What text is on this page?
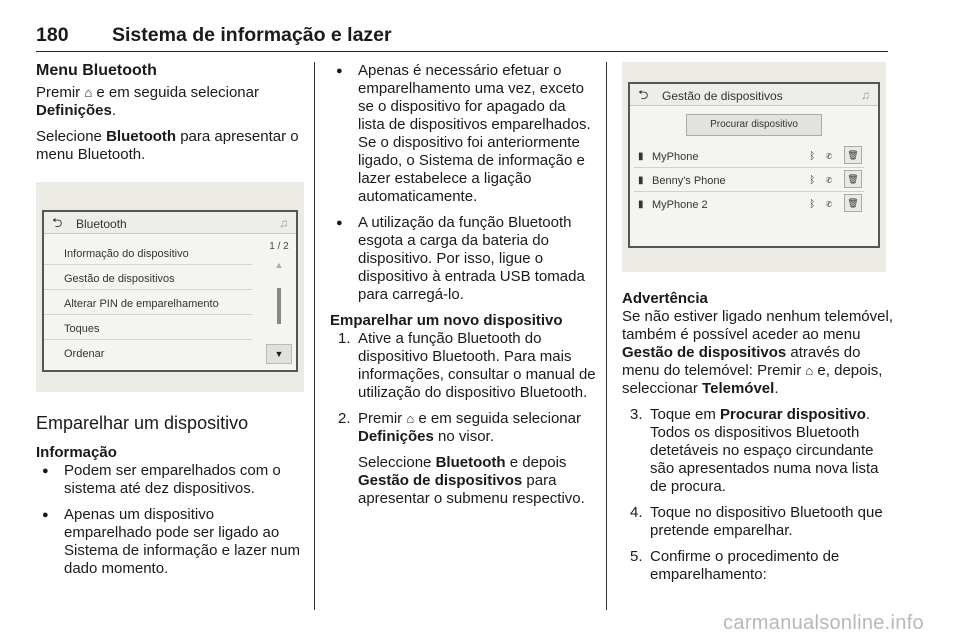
180 Sistema de informação e lazer
Menu Bluetooth

Premir ⌂ e em seguida selecionar Definições.

Selecione Bluetooth para apresentar o menu Bluetooth.

⮌ Bluetooth	♫
Informação do dispositivo
Gestão de dispositivos
Alterar PIN de emparelhamento
Toques
Ordenar
1 / 2
▲
▼
Emparelhar um dispositivo
Informação
● Podem ser emparelhados com o sistema até dez dispositivos.
● Apenas um dispositivo emparelhado pode ser ligado ao Sistema de informação e lazer num dado momento.
● Apenas é necessário efetuar o emparelhamento uma vez, exceto se o dispositivo for apagado da lista de dispositivos emparelhados. Se o dispositivo foi anteriormente ligado, o Sistema de informação e lazer estabelece a ligação automaticamente.
● A utilização da função Bluetooth esgota a carga da bateria do dispositivo. Por isso, ligue o dispositivo à entrada USB tomada para carregá-lo.
Emparelhar um novo dispositivo
1. Ative a função Bluetooth do dispositivo Bluetooth. Para mais informações, consultar o manual de utilização do dispositivo Bluetooth.
2. Premir ⌂ e em seguida selecionar Definições no visor.

Seleccione Bluetooth e depois Gestão de dispositivos para apresentar o submenu respectivo.

⮌ Gestão de dispositivos	♫
Procurar dispositivo
▮ MyPhone	ᛒ ✆	🗑
▮ Benny's Phone	ᛒ ✆	🗑
▮ MyPhone 2	ᛒ ✆	🗑
Advertência

Se não estiver ligado nenhum telemóvel, também é possível aceder ao menu Gestão de dispositivos através do menu do telemóvel: Premir ⌂ e, depois, seleccionar Telemóvel.

3. Toque em Procurar dispositivo. Todos os dispositivos Bluetooth detetáveis no espaço circundante são apresentados numa nova lista de procura.
4. Toque no dispositivo Bluetooth que pretende emparelhar.
5. Confirme o procedimento de emparelhamento:
carmanualsonline.info
